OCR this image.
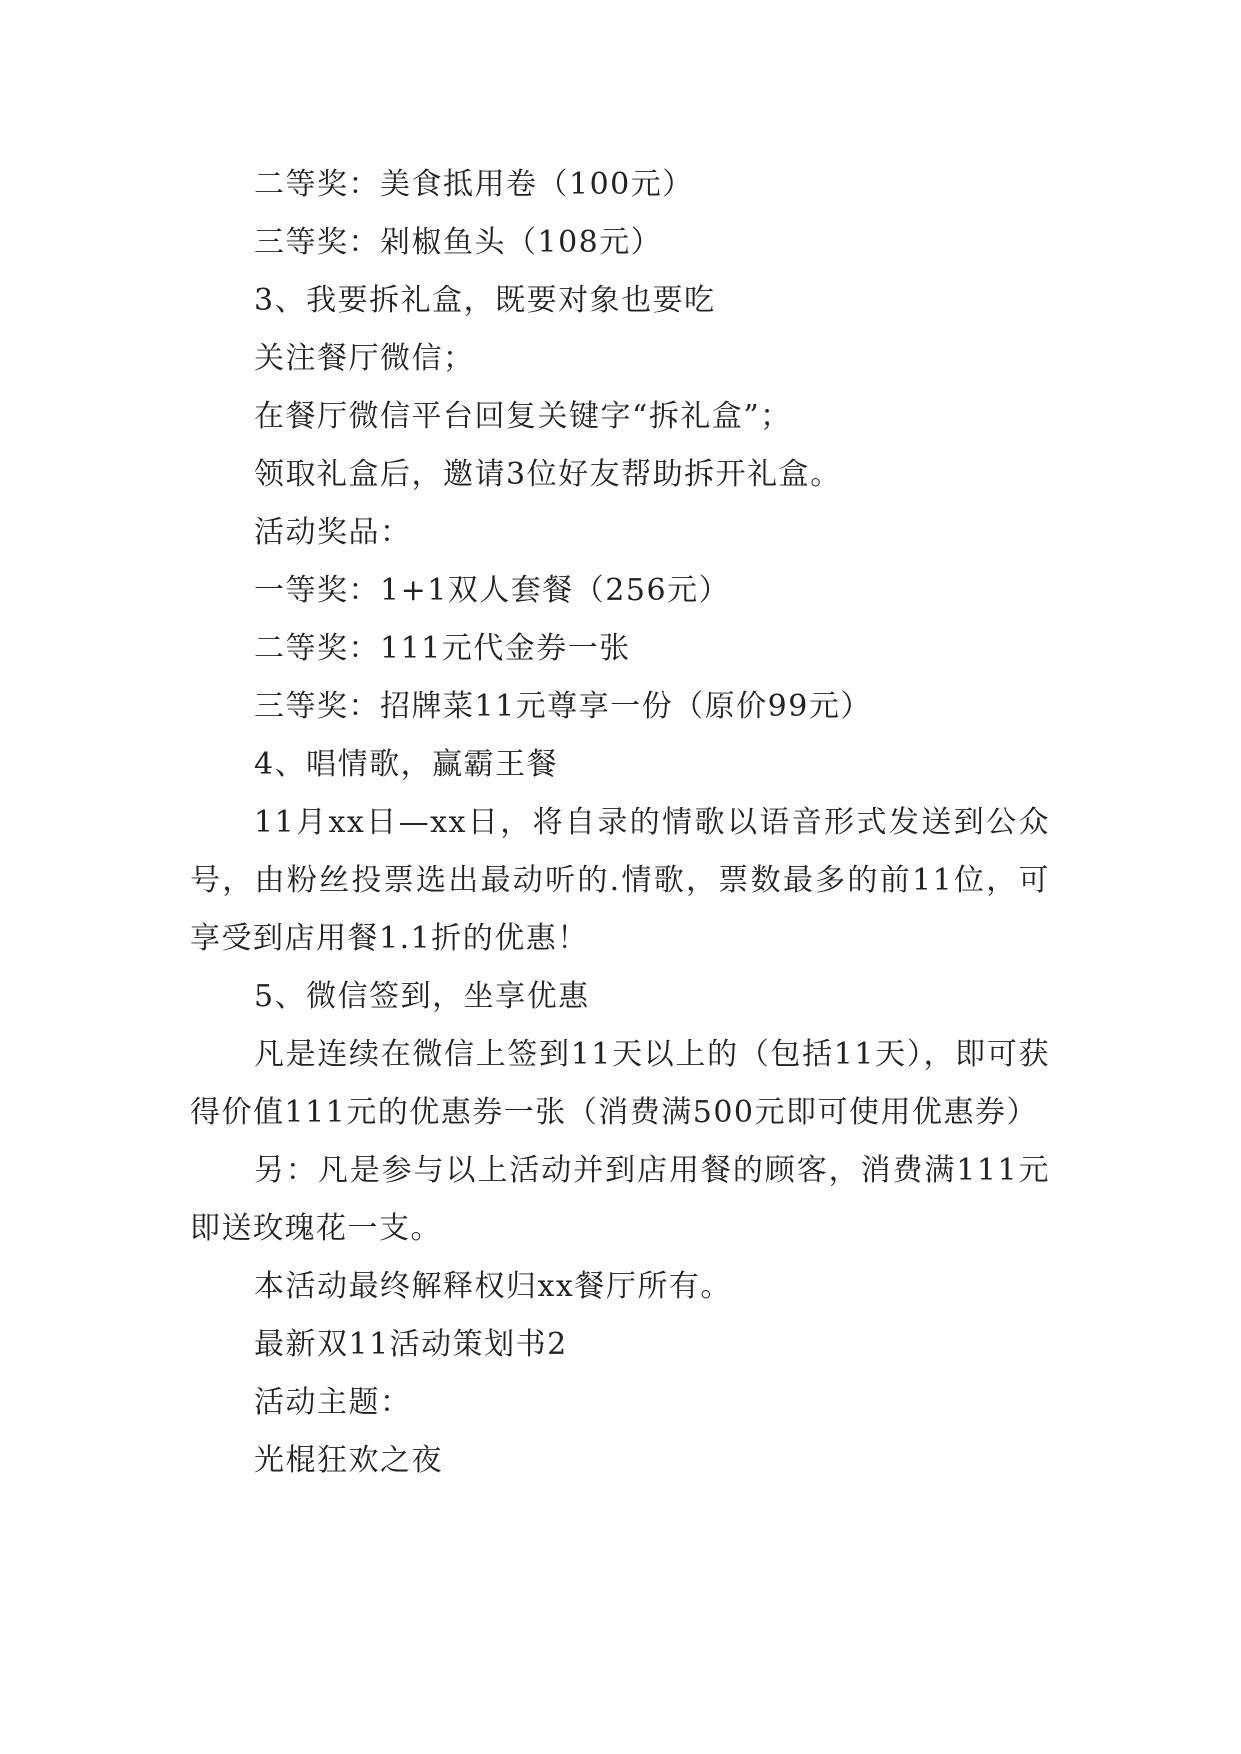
二等奖：美食抵用卷（100元）

三等奖：剁椒鱼头（108元）

3、我要拆礼盒，既要对象也要吃

关注餐厅微信；

在餐厅微信平台回复关键字“拆礼盒”；

领取礼盒后，邀请3位好友帮助拆开礼盒。

活动奖品：

一等奖：1+1双人套餐（256元）

二等奖：111元代金券一张

三等奖：招牌菜11元尊享一份（原价99元）

4、唱情歌，赢霸王餐

11月xx日—xx日，将自录的情歌以语音形式发送到公众号，由粉丝投票选出最动听的.情歌，票数最多的前11位，可享受到店用餐1.1折的优惠！

5、微信签到，坐享优惠

凡是连续在微信上签到11天以上的（包括11天），即可获得价值111元的优惠券一张（消费满500元即可使用优惠券）

另：凡是参与以上活动并到店用餐的顾客，消费满111元即送玫瑰花一支。

本活动最终解释权归xx餐厅所有。

最新双11活动策划书2

活动主题：

光棍狂欢之夜
